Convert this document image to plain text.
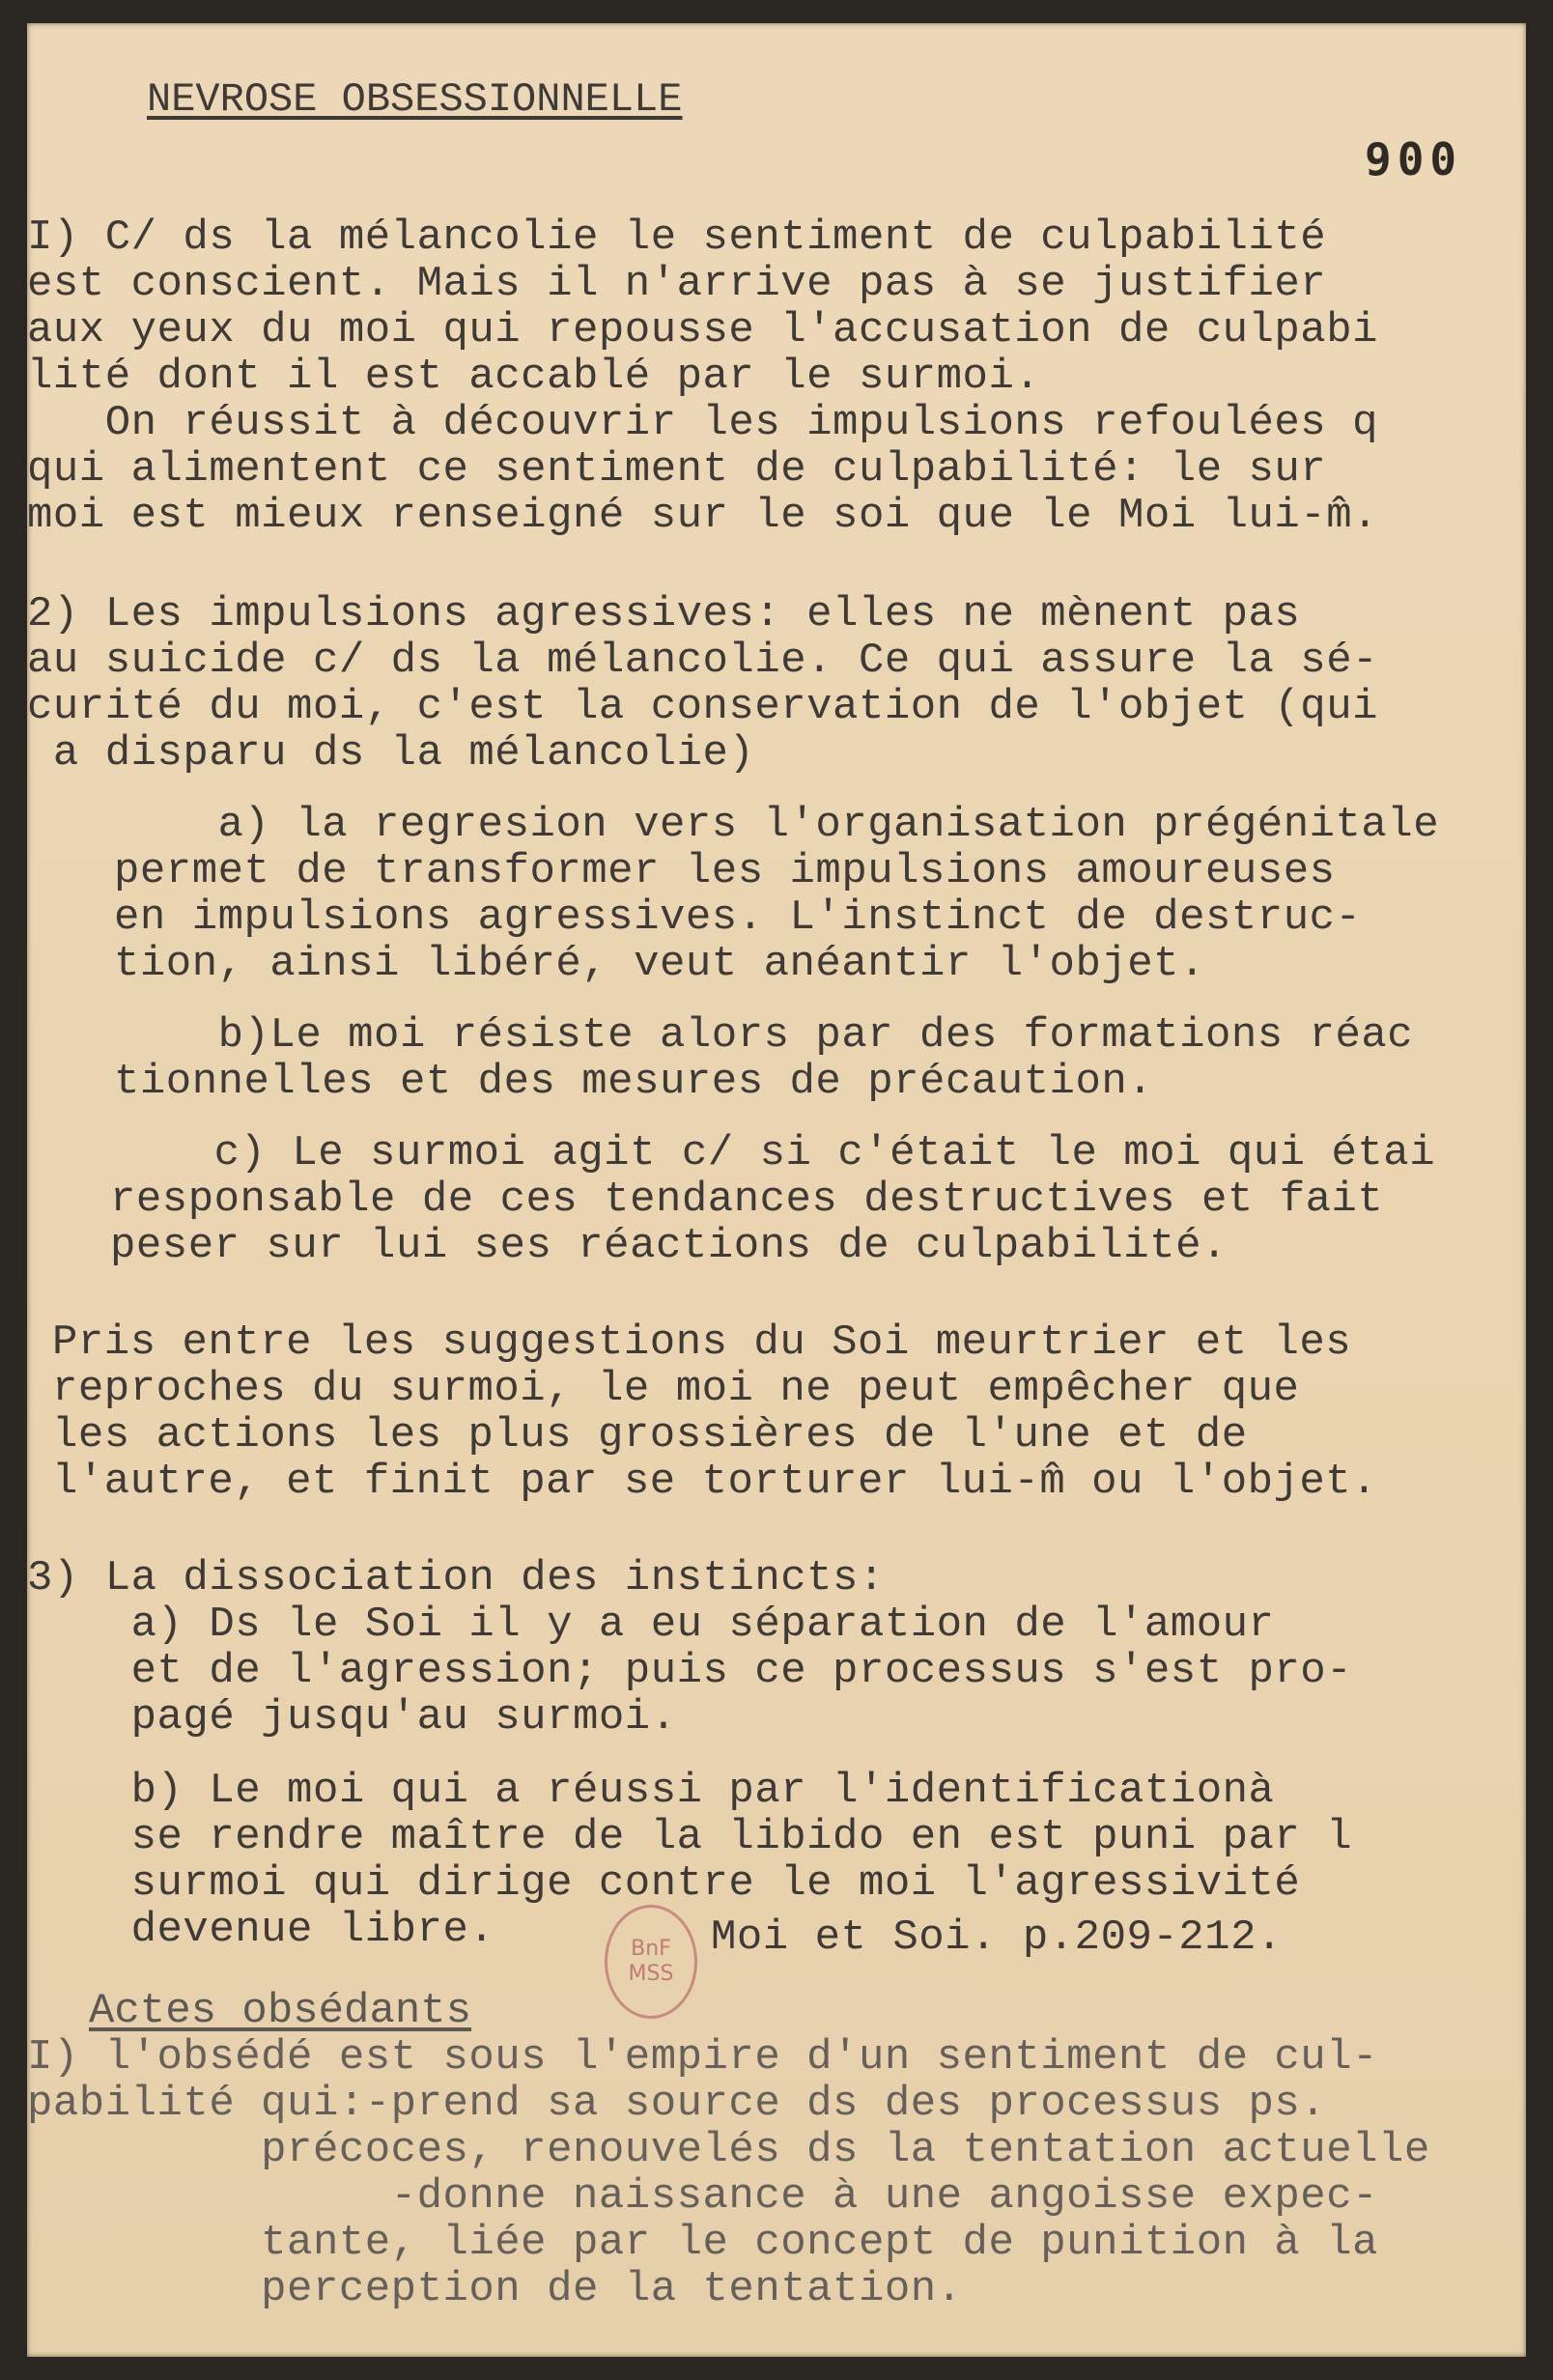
NEVROSE OBSESSIONNELLE

900

I) C/ ds la mélancolie le sentiment de culpabilité
est conscient. Mais il n'arrive pas à se justifier
aux yeux du moi qui repousse l'accusation de culpabi
lité dont il est accablé par le surmoi.
On réussit à découvrir les impulsions refoulées q
qui alimentent ce sentiment de culpabilité: le sur
moi est mieux renseigné sur le soi que le Moi lui-m̂.

2) Les impulsions agressives: elles ne mènent pas
au suicide c/ ds la mélancolie. Ce qui assure la sé-
curité du moi, c'est la conservation de l'objet (qui
a disparu ds la mélancolie)

a) la regresion vers l'organisation prégénitale
permet de transformer les impulsions amoureuses
en impulsions agressives. L'instinct de destruc-
tion, ainsi libéré, veut anéantir l'objet.

b)Le moi résiste alors par des formations réac
tionnelles et des mesures de précaution.

c) Le surmoi agit c/ si c'était le moi qui étai
responsable de ces tendances destructives et fait
peser sur lui ses réactions de culpabilité.

Pris entre les suggestions du Soi meurtrier et les
reproches du surmoi, le moi ne peut empêcher que
les actions les plus grossières de l'une et de
l'autre, et finit par se torturer lui-m̂ ou l'objet.

3) La dissociation des instincts:
a) Ds le Soi il y a eu séparation de l'amour
et de l'agression; puis ce processus s'est pro-
pagé jusqu'au surmoi.

b) Le moi qui a réussi par l'identificationà
se rendre maître de la libido en est puni par l
surmoi qui dirige contre le moi l'agressivité
devenue libre.	Moi et Soi. p.209-212.

BnF
MSS

Actes obsédants

I) l'obsédé est sous l'empire d'un sentiment de cul-
pabilité qui:-prend sa source ds des processus ps.
précoces, renouvelés ds la tentation actuelle
-donne naissance à une angoisse expec-
tante, liée par le concept de punition à la
perception de la tentation.
